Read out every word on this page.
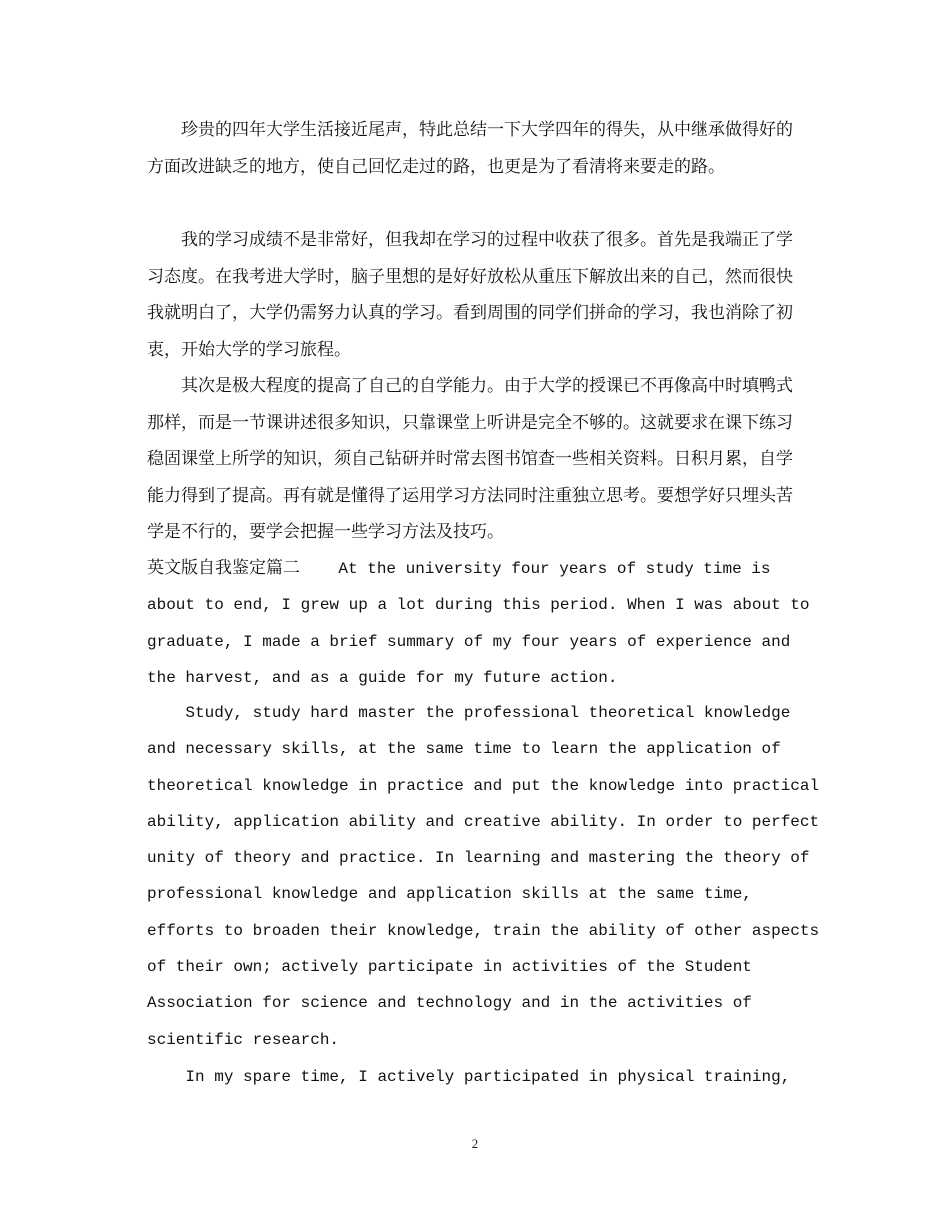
珍贵的四年大学生活接近尾声，特此总结一下大学四年的得失，从中继承做得好的方面改进缺乏的地方，使自己回忆走过的路，也更是为了看清将来要走的路。

我的学习成绩不是非常好，但我却在学习的过程中收获了很多。首先是我端正了学习态度。在我考进大学时，脑子里想的是好好放松从重压下解放出来的自己，然而很快我就明白了，大学仍需努力认真的学习。看到周围的同学们拼命的学习，我也消除了初衷，开始大学的学习旅程。

其次是极大程度的提高了自己的自学能力。由于大学的授课已不再像高中时填鸭式那样，而是一节课讲述很多知识，只靠课堂上听讲是完全不够的。这就要求在课下练习稳固课堂上所学的知识，须自己钻研并时常去图书馆查一些相关资料。日积月累，自学能力得到了提高。再有就是懂得了运用学习方法同时注重独立思考。要想学好只埋头苦学是不行的，要学会把握一些学习方法及技巧。

英文版自我鉴定篇二 At the university four years of study time is
about to end, I grew up a lot during this period. When I was about to
graduate, I made a brief summary of my four years of experience and
the harvest, and as a guide for my future action.
Study, study hard master the professional theoretical knowledge
and necessary skills, at the same time to learn the application of
theoretical knowledge in practice and put the knowledge into practical
ability, application ability and creative ability. In order to perfect
unity of theory and practice. In learning and mastering the theory of
professional knowledge and application skills at the same time,
efforts to broaden their knowledge, train the ability of other aspects
of their own; actively participate in activities of the Student
Association for science and technology and in the activities of
scientific research.
In my spare time, I actively participated in physical training,
2
